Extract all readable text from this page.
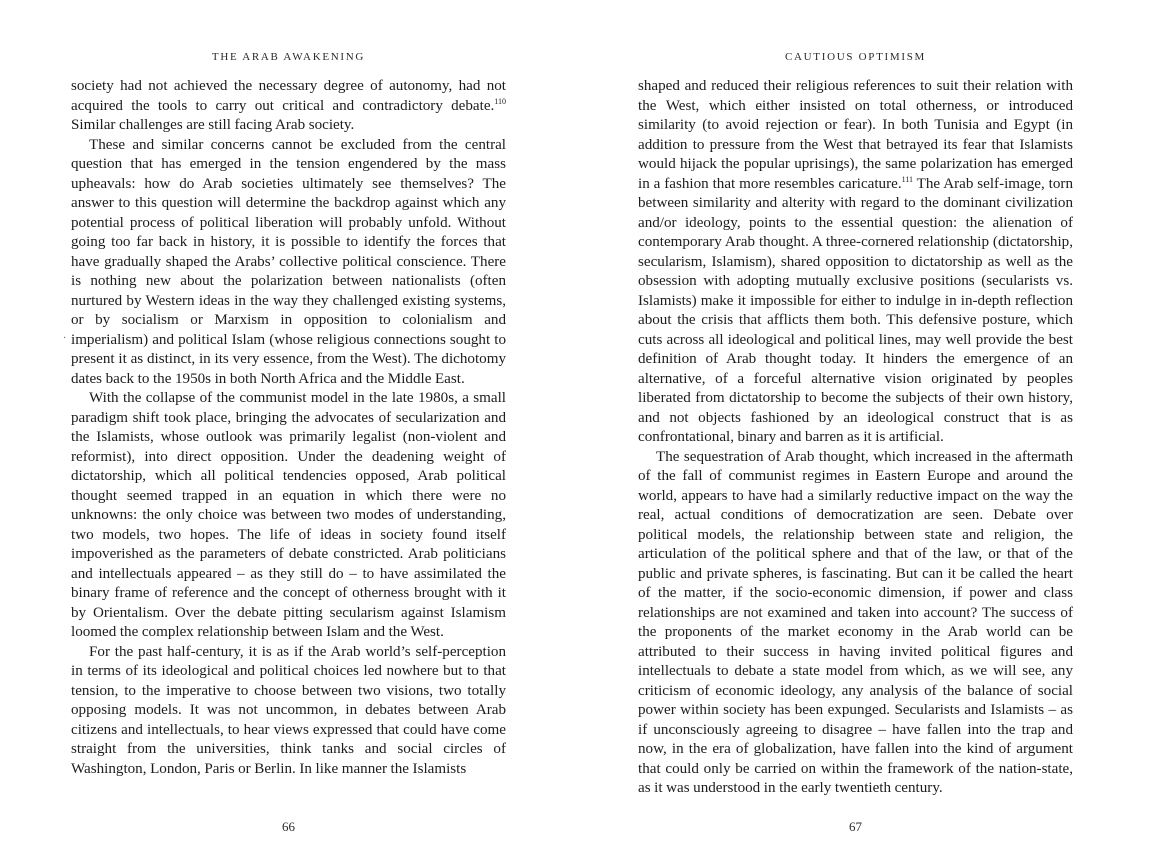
THE ARAB AWAKENING

society had not achieved the necessary degree of autonomy, had not acquired the tools to carry out critical and contradictory debate.$^{110}$ Similar challenges are still facing Arab society.

These and similar concerns cannot be excluded from the central question that has emerged in the tension engendered by the mass upheavals: how do Arab societies ultimately see themselves? The answer to this question will determine the backdrop against which any potential process of political liberation will probably unfold. Without going too far back in history, it is possible to identify the forces that have gradually shaped the Arabs’ collective political conscience. There is nothing new about the polarization between nationalists (often nurtured by Western ideas in the way they challenged existing systems, or by socialism or Marxism in opposition to colonialism and imperialism) and political Islam (whose religious connections sought to present it as distinct, in its very essence, from the West). The dichotomy dates back to the 1950s in both North Africa and the Middle East.

With the collapse of the communist model in the late 1980s, a small paradigm shift took place, bringing the advocates of secularization and the Islamists, whose outlook was primarily legalist (non-violent and reformist), into direct opposition. Under the deadening weight of dictatorship, which all political tendencies opposed, Arab political thought seemed trapped in an equation in which there were no unknowns: the only choice was between two modes of understanding, two models, two hopes. The life of ideas in society found itself impoverished as the parameters of debate constricted. Arab politicians and intellectuals appeared – as they still do – to have assimilated the binary frame of reference and the concept of otherness brought with it by Orientalism. Over the debate pitting secularism against Islamism loomed the complex relationship between Islam and the West.

For the past half-century, it is as if the Arab world’s self-perception in terms of its ideological and political choices led nowhere but to that tension, to the imperative to choose between two visions, two totally opposing models. It was not uncommon, in debates between Arab citizens and intellectuals, to hear views expressed that could have come straight from the universities, think tanks and social circles of Washington, London, Paris or Berlin. In like manner the Islamists

66
·
CAUTIOUS OPTIMISM

shaped and reduced their religious references to suit their relation with the West, which either insisted on total otherness, or introduced similarity (to avoid rejection or fear). In both Tunisia and Egypt (in addition to pressure from the West that betrayed its fear that Islamists would hijack the popular uprisings), the same polarization has emerged in a fashion that more resembles caricature.$^{111}$ The Arab self-image, torn between similarity and alterity with regard to the dominant civilization and/or ideology, points to the essential question: the alienation of contemporary Arab thought. A three-cornered relationship (dictatorship, secularism, Islamism), shared opposition to dictatorship as well as the obsession with adopting mutually exclusive positions (secularists vs. Islamists) make it impossible for either to indulge in in-depth reflection about the crisis that afflicts them both. This defensive posture, which cuts across all ideological and political lines, may well provide the best definition of Arab thought today. It hinders the emergence of an alternative, of a forceful alternative vision originated by peoples liberated from dictatorship to become the subjects of their own history, and not objects fashioned by an ideological construct that is as confrontational, binary and barren as it is artificial.

The sequestration of Arab thought, which increased in the aftermath of the fall of communist regimes in Eastern Europe and around the world, appears to have had a similarly reductive impact on the way the real, actual conditions of democratization are seen. Debate over political models, the relationship between state and religion, the articulation of the political sphere and that of the law, or that of the public and private spheres, is fascinating. But can it be called the heart of the matter, if the socio-economic dimension, if power and class relationships are not examined and taken into account? The success of the proponents of the market economy in the Arab world can be attributed to their success in having invited political figures and intellectuals to debate a state model from which, as we will see, any criticism of economic ideology, any analysis of the balance of social power within society has been expunged. Secularists and Islamists – as if unconsciously agreeing to disagree – have fallen into the trap and now, in the era of globalization, have fallen into the kind of argument that could only be carried on within the framework of the nation-state, as it was understood in the early twentieth century.

67
